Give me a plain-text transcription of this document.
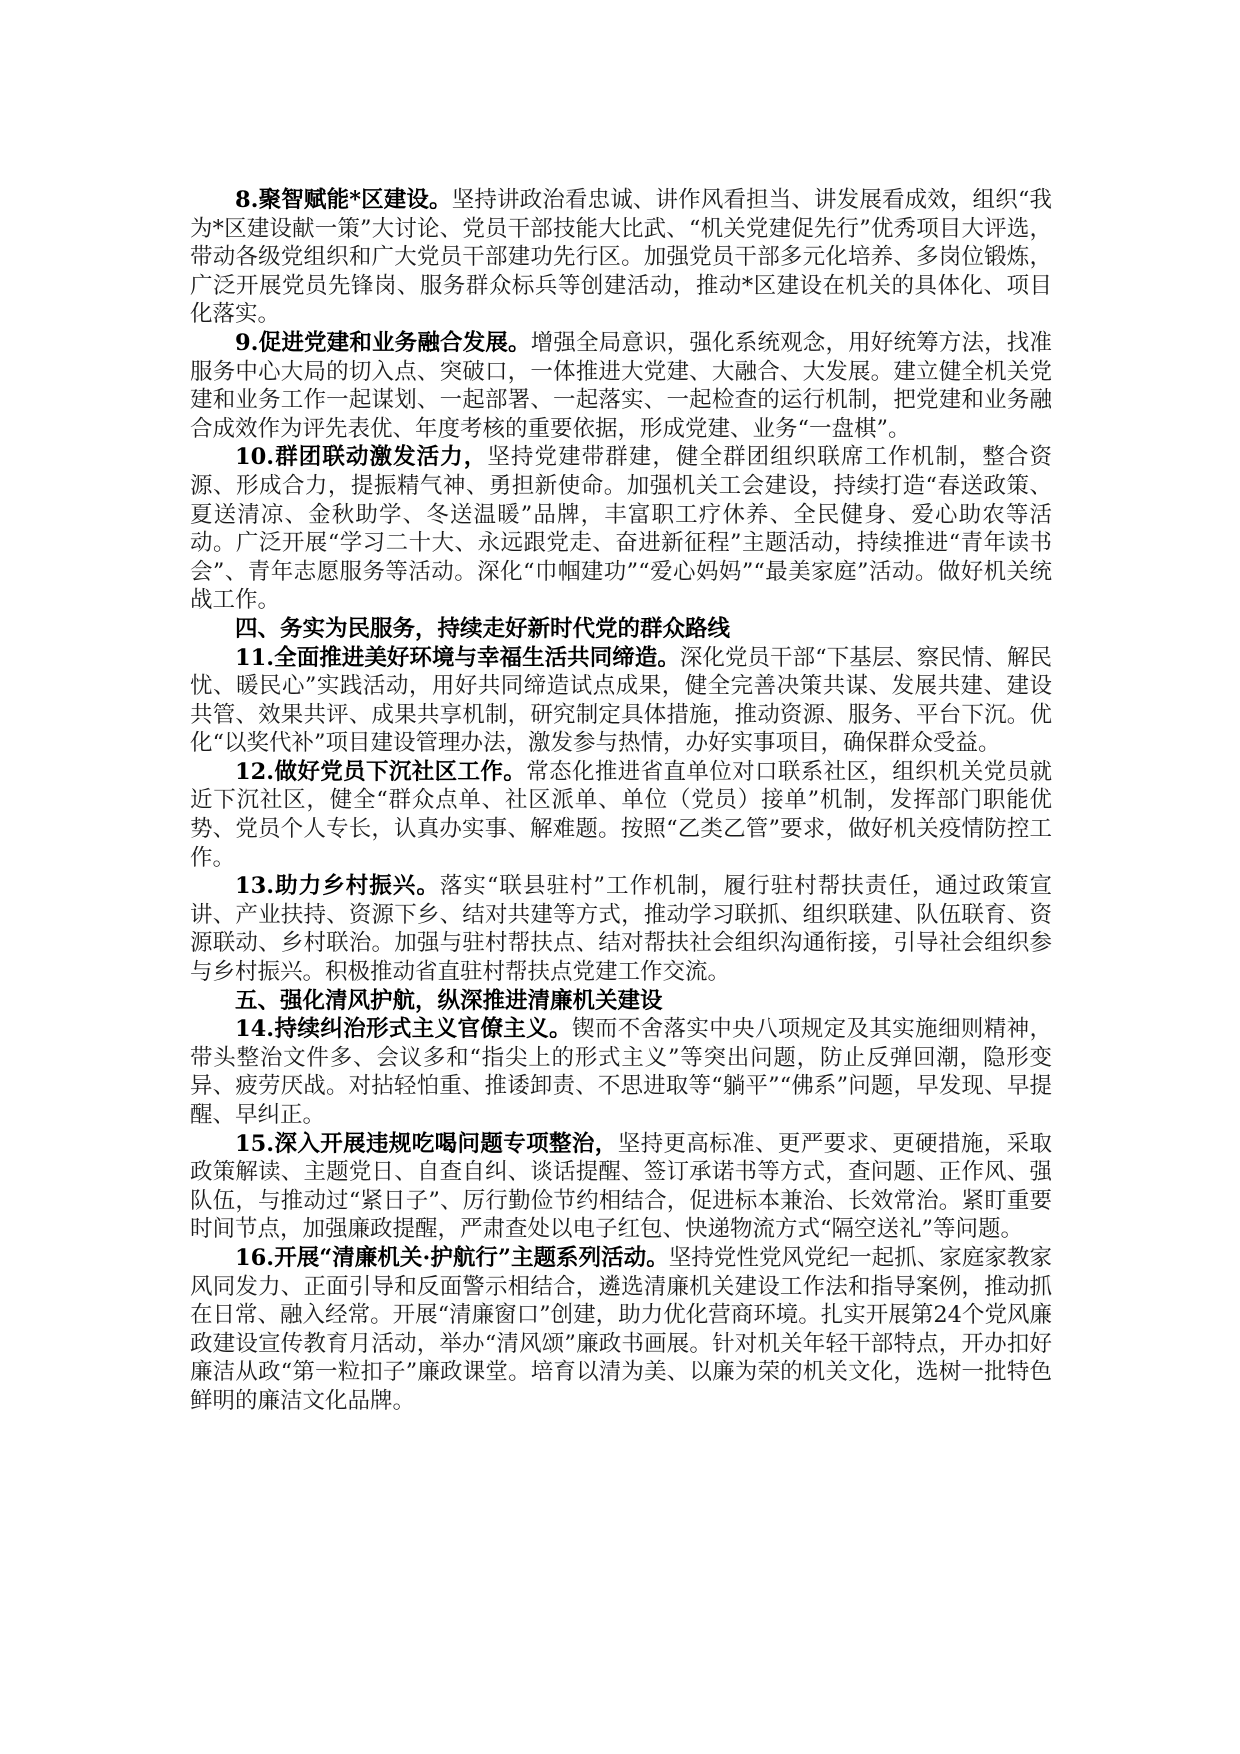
8.聚智赋能*区建设。坚持讲政治看忠诚、讲作风看担当、讲发展看成效，组织“我为*区建设献一策”大讨论、党员干部技能大比武、“机关党建促先行”优秀项目大评选，带动各级党组织和广大党员干部建功先行区。加强党员干部多元化培养、多岗位锻炼，广泛开展党员先锋岗、服务群众标兵等创建活动，推动*区建设在机关的具体化、项目化落实。

9.促进党建和业务融合发展。增强全局意识，强化系统观念，用好统筹方法，找准服务中心大局的切入点、突破口，一体推进大党建、大融合、大发展。建立健全机关党建和业务工作一起谋划、一起部署、一起落实、一起检查的运行机制，把党建和业务融合成效作为评先表优、年度考核的重要依据，形成党建、业务“一盘棋”。

10.群团联动激发活力，坚持党建带群建，健全群团组织联席工作机制，整合资源、形成合力，提振精气神、勇担新使命。加强机关工会建设，持续打造“春送政策、夏送清凉、金秋助学、冬送温暖”品牌，丰富职工疗休养、全民健身、爱心助农等活动。广泛开展“学习二十大、永远跟党走、奋进新征程”主题活动，持续推进“青年读书会”、青年志愿服务等活动。深化“巾帼建功”“爱心妈妈”“最美家庭”活动。做好机关统战工作。

四、务实为民服务，持续走好新时代党的群众路线

11.全面推进美好环境与幸福生活共同缔造。深化党员干部“下基层、察民情、解民忧、暖民心”实践活动，用好共同缔造试点成果，健全完善决策共谋、发展共建、建设共管、效果共评、成果共享机制，研究制定具体措施，推动资源、服务、平台下沉。优化“以奖代补”项目建设管理办法，激发参与热情，办好实事项目，确保群众受益。

12.做好党员下沉社区工作。常态化推进省直单位对口联系社区，组织机关党员就近下沉社区，健全“群众点单、社区派单、单位（党员）接单”机制，发挥部门职能优势、党员个人专长，认真办实事、解难题。按照“乙类乙管”要求，做好机关疫情防控工作。

13.助力乡村振兴。落实“联县驻村”工作机制，履行驻村帮扶责任，通过政策宣讲、产业扶持、资源下乡、结对共建等方式，推动学习联抓、组织联建、队伍联育、资源联动、乡村联治。加强与驻村帮扶点、结对帮扶社会组织沟通衔接，引导社会组织参与乡村振兴。积极推动省直驻村帮扶点党建工作交流。

五、强化清风护航，纵深推进清廉机关建设

14.持续纠治形式主义官僚主义。锲而不舍落实中央八项规定及其实施细则精神，带头整治文件多、会议多和“指尖上的形式主义”等突出问题，防止反弹回潮，隐形变异、疲劳厌战。对拈轻怕重、推诿卸责、不思进取等“躺平”“佛系”问题，早发现、早提醒、早纠正。

15.深入开展违规吃喝问题专项整治，坚持更高标准、更严要求、更硬措施，采取政策解读、主题党日、自查自纠、谈话提醒、签订承诺书等方式，查问题、正作风、强队伍，与推动过“紧日子”、厉行勤俭节约相结合，促进标本兼治、长效常治。紧盯重要时间节点，加强廉政提醒，严肃查处以电子红包、快递物流方式“隔空送礼”等问题。

16.开展“清廉机关·护航行”主题系列活动。坚持党性党风党纪一起抓、家庭家教家风同发力、正面引导和反面警示相结合，遴选清廉机关建设工作法和指导案例，推动抓在日常、融入经常。开展“清廉窗口”创建，助力优化营商环境。扎实开展第24个党风廉政建设宣传教育月活动，举办“清风颂”廉政书画展。针对机关年轻干部特点，开办扣好廉洁从政“第一粒扣子”廉政课堂。培育以清为美、以廉为荣的机关文化，选树一批特色鲜明的廉洁文化品牌。
